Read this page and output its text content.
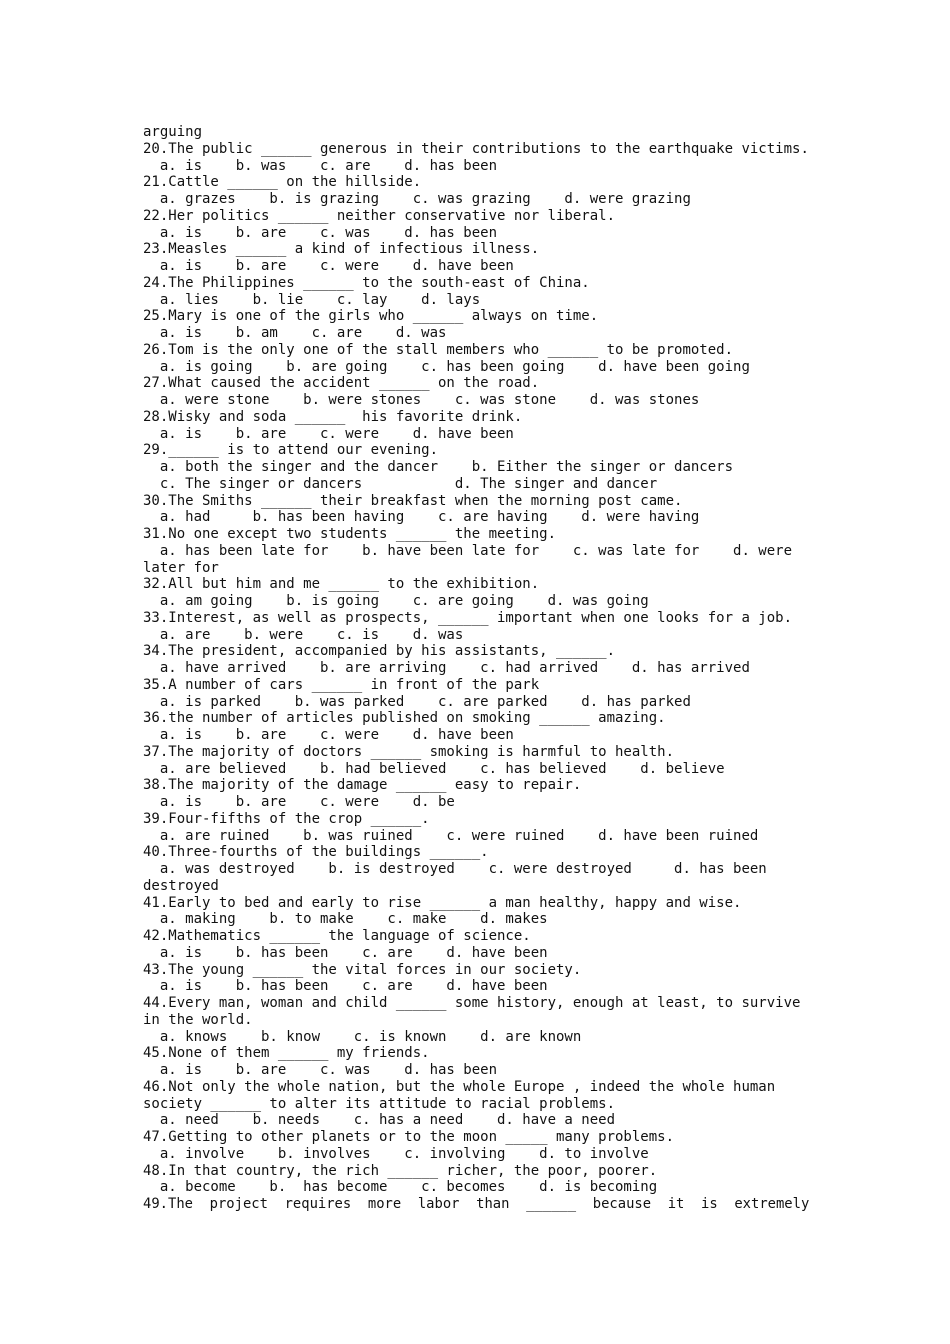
arguing
20.The public ______ generous in their contributions to the earthquake victims.
a. is    b. was    c. are    d. has been
21.Cattle ______ on the hillside.
a. grazes    b. is grazing    c. was grazing    d. were grazing
22.Her politics ______ neither conservative nor liberal.
a. is    b. are    c. was    d. has been
23.Measles ______ a kind of infectious illness.
a. is    b. are    c. were    d. have been
24.The Philippines ______ to the south-east of China.
a. lies    b. lie    c. lay    d. lays
25.Mary is one of the girls who ______ always on time.
a. is    b. am    c. are    d. was
26.Tom is the only one of the stall members who ______ to be promoted.
a. is going    b. are going    c. has been going    d. have been going
27.What caused the accident ______ on the road.
a. were stone    b. were stones    c. was stone    d. was stones
28.Wisky and soda ______  his favorite drink.
a. is    b. are    c. were    d. have been
29.______ is to attend our evening.
a. both the singer and the dancer    b. Either the singer or dancers
c. The singer or dancers           d. The singer and dancer
30.The Smiths ______ their breakfast when the morning post came.
a. had     b. has been having    c. are having    d. were having
31.No one except two students ______ the meeting.
a. has been late for    b. have been late for    c. was late for    d. were
later for
32.All but him and me ______ to the exhibition.
a. am going    b. is going    c. are going    d. was going
33.Interest, as well as prospects, ______ important when one looks for a job.
a. are    b. were    c. is    d. was
34.The president, accompanied by his assistants, ______.
a. have arrived    b. are arriving    c. had arrived    d. has arrived
35.A number of cars ______ in front of the park
a. is parked    b. was parked    c. are parked    d. has parked
36.the number of articles published on smoking ______ amazing.
a. is    b. are    c. were    d. have been
37.The majority of doctors ______ smoking is harmful to health.
a. are believed    b. had believed    c. has believed    d. believe
38.The majority of the damage ______ easy to repair.
a. is    b. are    c. were    d. be
39.Four-fifths of the crop ______.
a. are ruined    b. was ruined    c. were ruined    d. have been ruined
40.Three-fourths of the buildings ______.
a. was destroyed    b. is destroyed    c. were destroyed     d. has been
destroyed
41.Early to bed and early to rise ______ a man healthy, happy and wise.
a. making    b. to make    c. make    d. makes
42.Mathematics ______ the language of science.
a. is    b. has been    c. are    d. have been
43.The young ______ the vital forces in our society.
a. is    b. has been    c. are    d. have been
44.Every man, woman and child ______ some history, enough at least, to survive
in the world.
a. knows    b. know    c. is known    d. are known
45.None of them ______ my friends.
a. is    b. are    c. was    d. has been
46.Not only the whole nation, but the whole Europe , indeed the whole human
society ______ to alter its attitude to racial problems.
a. need    b. needs    c. has a need    d. have a need
47.Getting to other planets or to the moon _____ many problems.
a. involve    b. involves    c. involving    d. to involve
48.In that country, the rich ______ richer, the poor, poorer.
a. become    b.  has become    c. becomes    d. is becoming
49.The  project  requires  more  labor  than  ______  because  it  is  extremely
